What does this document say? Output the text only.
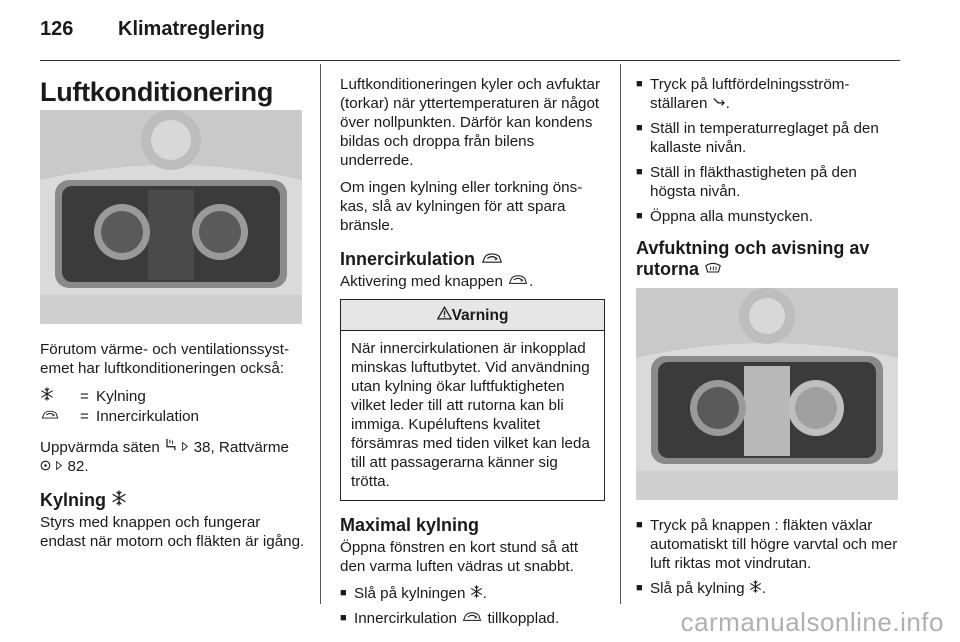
126 Klimatreglering
Luftkonditionering

Förutom värme- och ventilationssystemet har luftkonditioneringen också:

= Kylning
= Innercirkulation

Uppvärmda säten   38, Rattvärme
82.

Kylning

Styrs med knappen och fungerar endast när motorn och fläkten är igång.

Luftkonditioneringen kyler och avfuktar (torkar) när yttertemperaturen är något över nollpunkten. Därför kan kondens bildas och droppa från bilens underrede.

Om ingen kylning eller torkning önskas, slå av kylningen för att spara bränsle.

Innercirkulation

Aktivering med knappen .

Varning
När innercirkulationen är inkopplad minskas luftutbytet. Vid användning utan kylning ökar luftfuktigheten vilket leder till att rutorna kan bli immiga. Kupéluftens kvalitet försämras med tiden vilket kan leda till att passagerarna känner sig trötta.
Maximal kylning

Öppna fönstren en kort stund så att den varma luften vädras ut snabbt.

■ Slå på kylningen .
■ Innercirkulation  tillkopplad.
■ Tryck på luftfördelningsströmställaren .
■ Ställ in temperaturreglaget på den kallaste nivån.
■ Ställ in fläkthastigheten på den högsta nivån.
■ Öppna alla munstycken.
Avfuktning och avisning av
rutorna
■ Tryck på knappen : fläkten växlar automatiskt till högre varvtal och mer luft riktas mot vindrutan.
■ Slå på kylning .
carmanualsonline.info
